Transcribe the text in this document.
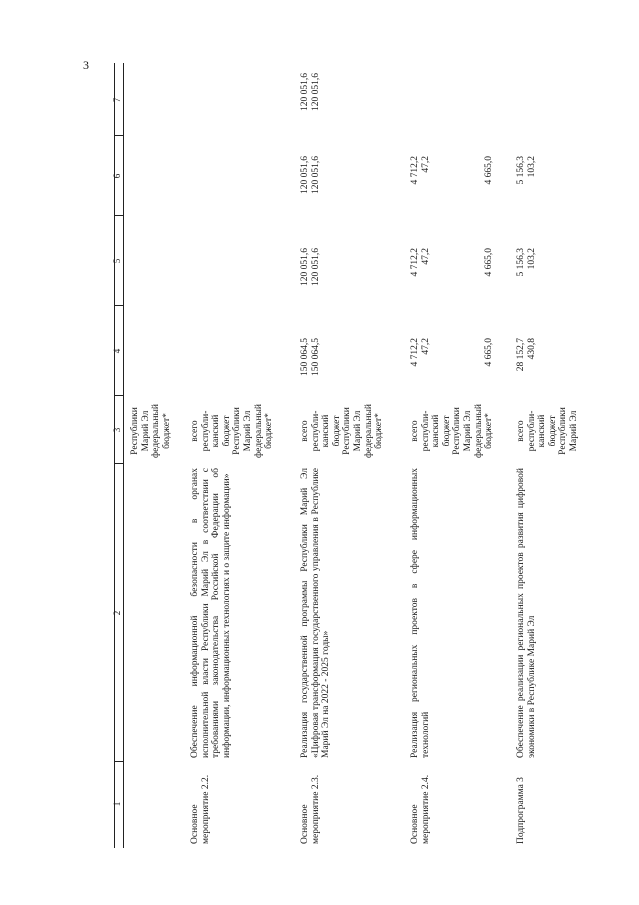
3
1
2
3
4
5
6
7
Республики Марий Эл федеральный бюджет*
Основное мероприятие 2.2.
Обеспечение информационной безопасности в органах исполнительной власти Республики Марий Эл в соответствии с требованиями законодательства Российской Федерации об информации, информационных технологиях и о защите информации»
всего республи-канский бюджет Республики Марий Эл федеральный бюджет*
Основное мероприятие 2.3.
Реализация государственной программы Республики Марий Эл «Цифровая трансформация государственного управления в Республике Марий Эл на 2022 - 2025 годы»
всего республи-канский бюджет Республики Марий Эл федеральный бюджет*
150 064,5
150 064,5
120 051,6
120 051,6
120 051,6
120 051,6
120 051,6
120 051,6
Основное мероприятие 2.4.
Реализация региональных проектов в сфере информационных технологий
всего республи-канский бюджет Республики Марий Эл федеральный бюджет*
4 712,2
47,2
4 712,2
47,2
4 712,2
47,2
4 665,0
4 665,0
4 665,0
Подпрограмма 3
Обеспечение реализации региональных проектов развития цифровой экономики в Республике Марий Эл
всего республи-канский бюджет Республики Марий Эл
28 152,7
430,8
5 156,3
103,2
5 156,3
103,2
